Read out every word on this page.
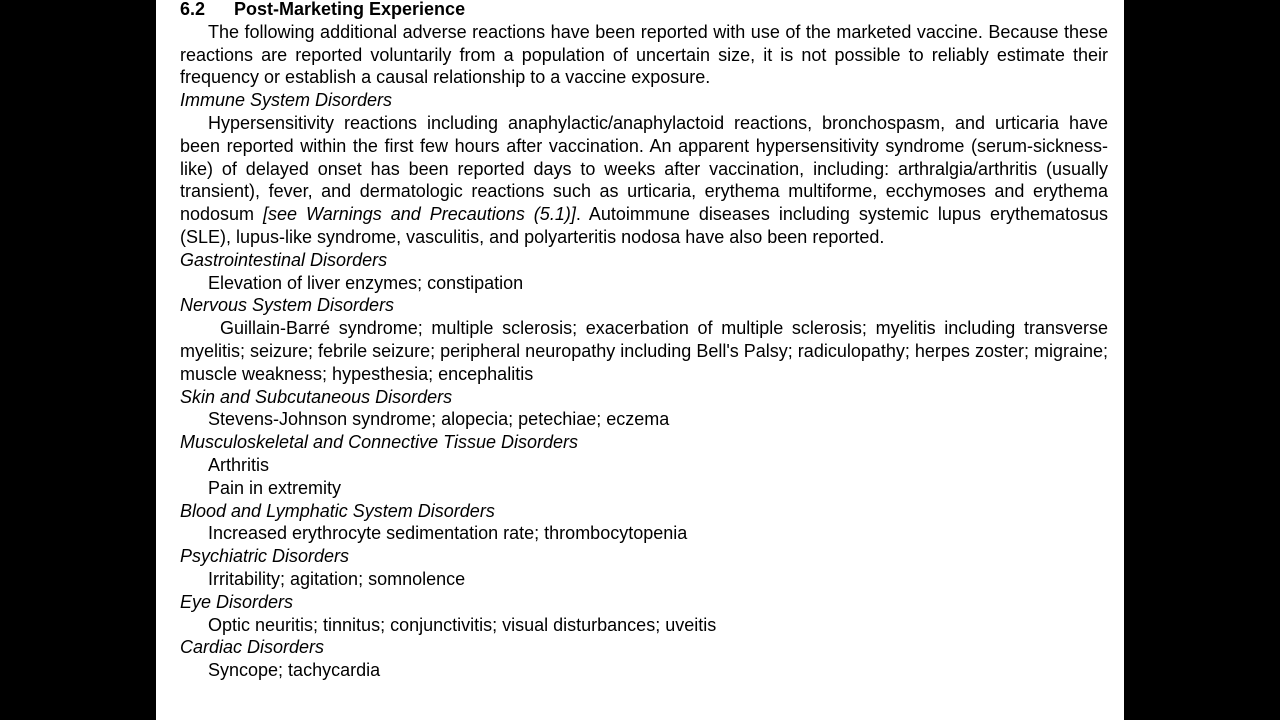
6.2 Post-Marketing Experience

The following additional adverse reactions have been reported with use of the marketed vaccine. Because these reactions are reported voluntarily from a population of uncertain size, it is not possible to reliably estimate their frequency or establish a causal relationship to a vaccine exposure.

Immune System Disorders

Hypersensitivity reactions including anaphylactic/anaphylactoid reactions, bronchospasm, and urticaria have been reported within the first few hours after vaccination. An apparent hypersensitivity syndrome (serum-sickness-like) of delayed onset has been reported days to weeks after vaccination, including: arthralgia/arthritis (usually transient), fever, and dermatologic reactions such as urticaria, erythema multiforme, ecchymoses and erythema nodosum [see Warnings and Precautions (5.1)]. Autoimmune diseases including systemic lupus erythematosus (SLE), lupus-like syndrome, vasculitis, and polyarteritis nodosa have also been reported.

Gastrointestinal Disorders

Elevation of liver enzymes; constipation

Nervous System Disorders

Guillain-Barré syndrome; multiple sclerosis; exacerbation of multiple sclerosis; myelitis including transverse myelitis; seizure; febrile seizure; peripheral neuropathy including Bell's Palsy; radiculopathy; herpes zoster; migraine; muscle weakness; hypesthesia; encephalitis

Skin and Subcutaneous Disorders

Stevens-Johnson syndrome; alopecia; petechiae; eczema

Musculoskeletal and Connective Tissue Disorders

Arthritis

Pain in extremity

Blood and Lymphatic System Disorders

Increased erythrocyte sedimentation rate; thrombocytopenia

Psychiatric Disorders

Irritability; agitation; somnolence

Eye Disorders

Optic neuritis; tinnitus; conjunctivitis; visual disturbances; uveitis

Cardiac Disorders

Syncope; tachycardia
